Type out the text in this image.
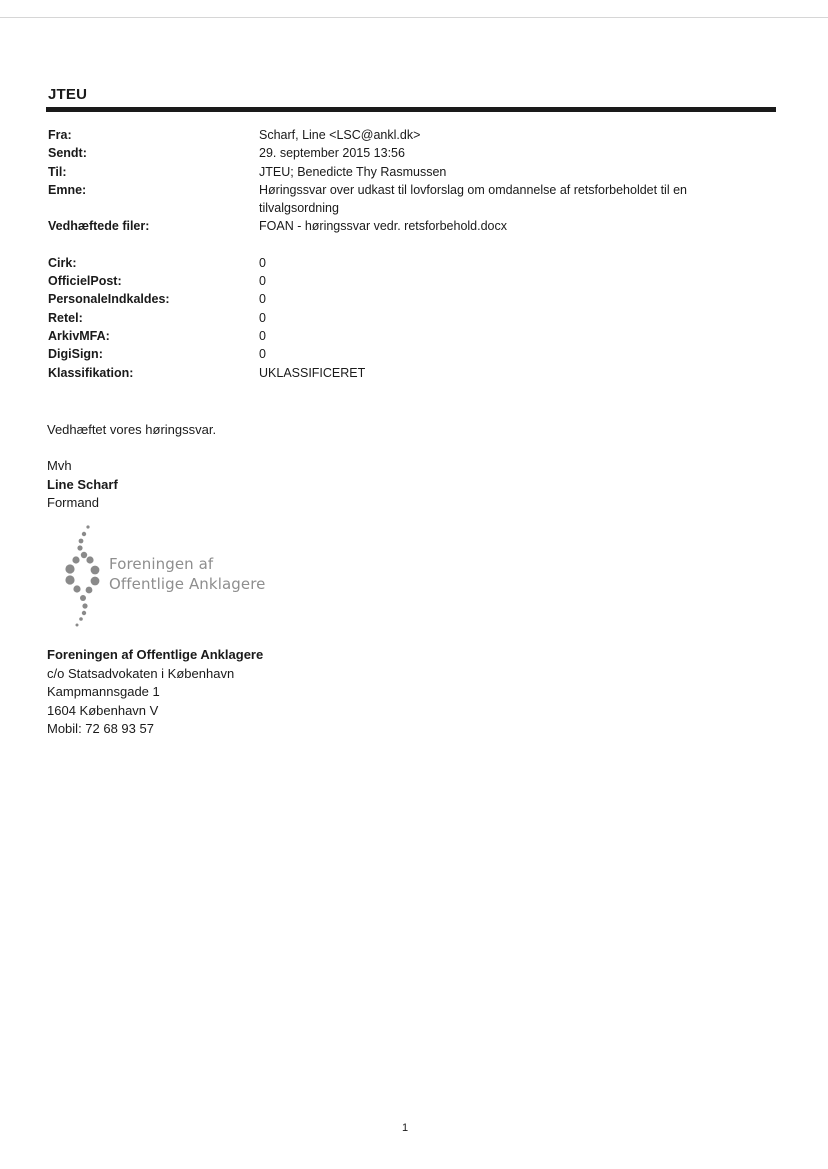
JTEU
Fra:	Scharf, Line <LSC@ankl.dk>
Sendt:	29. september 2015 13:56
Til:	JTEU; Benedicte Thy Rasmussen
Emne:	Høringssvar over udkast til lovforslag om omdannelse af retsforbeholdet til en tilvalgsordning
Vedhæftede filer:	FOAN - høringssvar vedr. retsforbehold.docx
Cirk:	0
OfficielPost:	0
PersonaleIndkaldes:	0
Retel:	0
ArkivMFA:	0
DigiSign:	0
Klassifikation:	UKLASSIFICERET
Vedhæftet vores høringssvar.
Mvh
Line Scharf
Formand
Foreningen af
Offentlige Anklagere
Foreningen af Offentlige Anklagere
c/o Statsadvokaten i København
Kampmannsgade 1
1604 København V
Mobil: 72 68 93 57
1
